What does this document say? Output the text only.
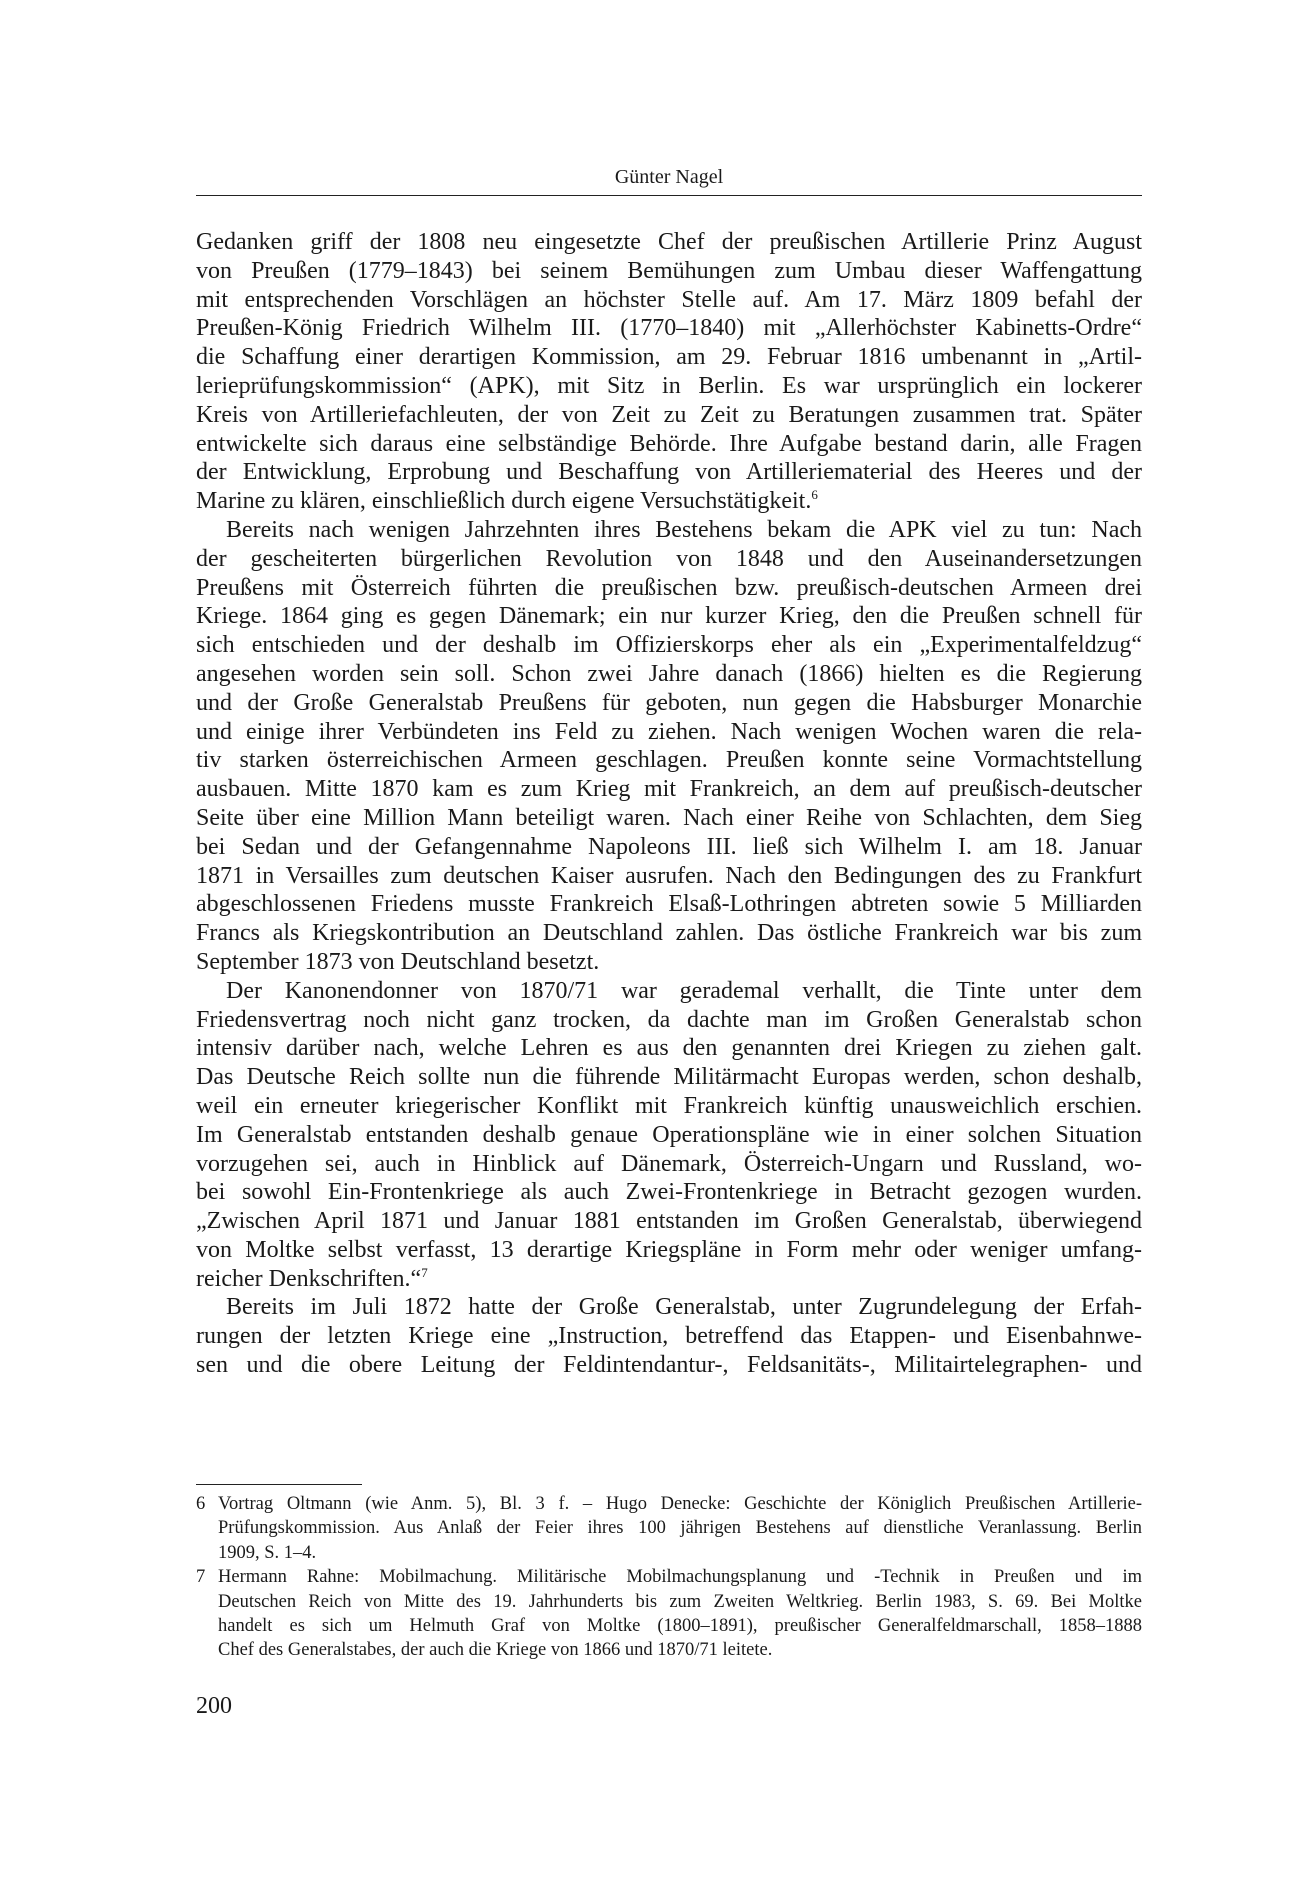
Günter Nagel
Gedanken griff der 1808 neu eingesetzte Chef der preußischen Artillerie Prinz August
von Preußen (1779–1843) bei seinem Bemühungen zum Umbau dieser Waffengattung
mit entsprechenden Vorschlägen an höchster Stelle auf. Am 17. März 1809 befahl der
Preußen-König Friedrich Wilhelm III. (1770–1840) mit „Allerhöchster Kabinetts-Ordre“
die Schaffung einer derartigen Kommission, am 29. Februar 1816 umbenannt in „Artil-
lerieprüfungskommission“ (APK), mit Sitz in Berlin. Es war ursprünglich ein lockerer
Kreis von Artilleriefachleuten, der von Zeit zu Zeit zu Beratungen zusammen trat. Später
entwickelte sich daraus eine selbständige Behörde. Ihre Aufgabe bestand darin, alle Fragen
der Entwicklung, Erprobung und Beschaffung von Artilleriematerial des Heeres und der
Marine zu klären, einschließlich durch eigene Versuchstätigkeit.$^6$
Bereits nach wenigen Jahrzehnten ihres Bestehens bekam die APK viel zu tun: Nach
der gescheiterten bürgerlichen Revolution von 1848 und den Auseinandersetzungen
Preußens mit Österreich führten die preußischen bzw. preußisch-deutschen Armeen drei
Kriege. 1864 ging es gegen Dänemark; ein nur kurzer Krieg, den die Preußen schnell für
sich entschieden und der deshalb im Offizierskorps eher als ein „Experimentalfeldzug“
angesehen worden sein soll. Schon zwei Jahre danach (1866) hielten es die Regierung
und der Große Generalstab Preußens für geboten, nun gegen die Habsburger Monarchie
und einige ihrer Verbündeten ins Feld zu ziehen. Nach wenigen Wochen waren die rela-
tiv starken österreichischen Armeen geschlagen. Preußen konnte seine Vormachtstellung
ausbauen. Mitte 1870 kam es zum Krieg mit Frankreich, an dem auf preußisch-deutscher
Seite über eine Million Mann beteiligt waren. Nach einer Reihe von Schlachten, dem Sieg
bei Sedan und der Gefangennahme Napoleons III. ließ sich Wilhelm I. am 18. Januar
1871 in Versailles zum deutschen Kaiser ausrufen. Nach den Bedingungen des zu Frankfurt
abgeschlossenen Friedens musste Frankreich Elsaß-Lothringen abtreten sowie 5 Milliarden
Francs als Kriegskontribution an Deutschland zahlen. Das östliche Frankreich war bis zum
September 1873 von Deutschland besetzt.
Der Kanonendonner von 1870/71 war gerademal verhallt, die Tinte unter dem
Friedensvertrag noch nicht ganz trocken, da dachte man im Großen Generalstab schon
intensiv darüber nach, welche Lehren es aus den genannten drei Kriegen zu ziehen galt.
Das Deutsche Reich sollte nun die führende Militärmacht Europas werden, schon deshalb,
weil ein erneuter kriegerischer Konflikt mit Frankreich künftig unausweichlich erschien.
Im Generalstab entstanden deshalb genaue Operationspläne wie in einer solchen Situation
vorzugehen sei, auch in Hinblick auf Dänemark, Österreich-Ungarn und Russland, wo-
bei sowohl Ein-Frontenkriege als auch Zwei-Frontenkriege in Betracht gezogen wurden.
„Zwischen April 1871 und Januar 1881 entstanden im Großen Generalstab, überwiegend
von Moltke selbst verfasst, 13 derartige Kriegspläne in Form mehr oder weniger umfang-
reicher Denkschriften.“$^7$
Bereits im Juli 1872 hatte der Große Generalstab, unter Zugrundelegung der Erfah-
rungen der letzten Kriege eine „Instruction, betreffend das Etappen- und Eisenbahnwe-
sen und die obere Leitung der Feldintendantur-, Feldsanitäts-, Militairtelegraphen- und
6 Vortrag Oltmann (wie Anm. 5), Bl. 3 f. – Hugo Denecke: Geschichte der Königlich Preußischen Artillerie-
Prüfungskommission. Aus Anlaß der Feier ihres 100 jährigen Bestehens auf dienstliche Veranlassung. Berlin
1909, S. 1–4.
7 Hermann Rahne: Mobilmachung. Militärische Mobilmachungsplanung und -Technik in Preußen und im
Deutschen Reich von Mitte des 19. Jahrhunderts bis zum Zweiten Weltkrieg. Berlin 1983, S. 69. Bei Moltke
handelt es sich um Helmuth Graf von Moltke (1800–1891), preußischer Generalfeldmarschall, 1858–1888
Chef des Generalstabes, der auch die Kriege von 1866 und 1870/71 leitete.
200
